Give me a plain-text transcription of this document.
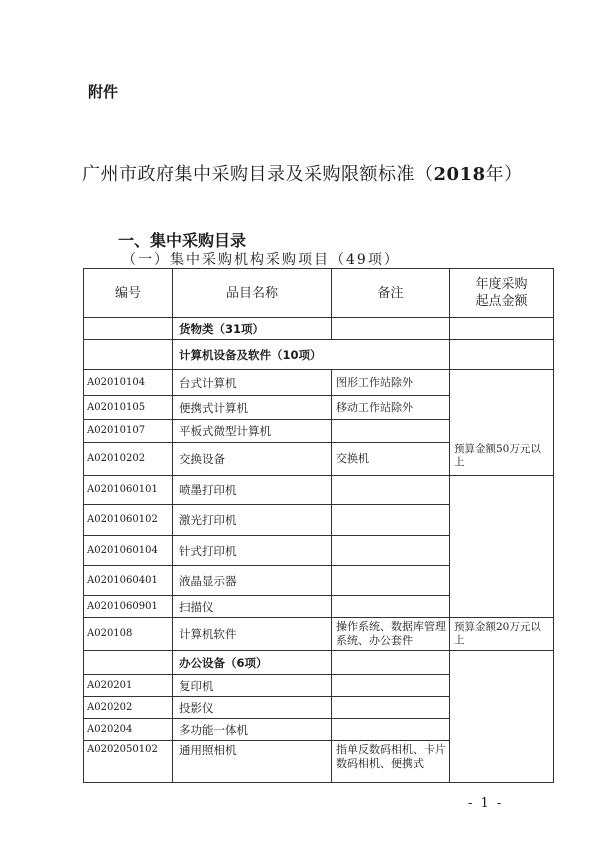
附件
广州市政府集中采购目录及采购限额标准（2018年）
一、集中采购目录
（一）集中采购机构采购项目（49项）
编号	品目名称	备注	年度采购
起点金额
	货物类（31项）		
	计算机设备及软件（10项）		
A02010104	台式计算机	图形工作站除外	预算金额50万元以上
A02010105	便携式计算机	移动工作站除外	
A02010107	平板式微型计算机		
A02010202	交换设备	交换机	
A0201060101	喷墨打印机		
A0201060102	激光打印机		
A0201060104	针式打印机		
A0201060401	液晶显示器		
A0201060901	扫描仪		
A020108	计算机软件	操作系统、数据库管理系统、办公套件	预算金额20万元以上
	办公设备（6项）		
A020201	复印机		
A020202	投影仪		
A020204	多功能一体机		
A0202050102	通用照相机	指单反数码相机、卡片数码相机、便携式	
- 1 -
